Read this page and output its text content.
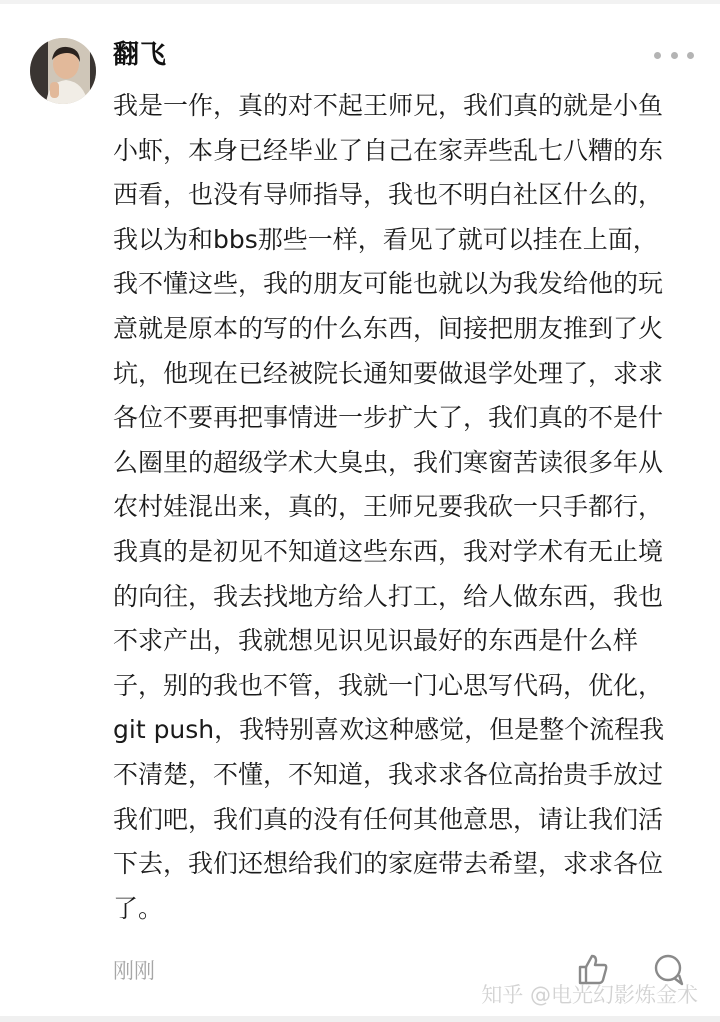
翻飞
我是一作，真的对不起王师兄，我们真的就是小鱼
小虾，本身已经毕业了自己在家弄些乱七八糟的东
西看，也没有导师指导，我也不明白社区什么的，
我以为和bbs那些一样，看见了就可以挂在上面，
我不懂这些，我的朋友可能也就以为我发给他的玩
意就是原本的写的什么东西，间接把朋友推到了火
坑，他现在已经被院长通知要做退学处理了，求求
各位不要再把事情进一步扩大了，我们真的不是什
么圈里的超级学术大臭虫，我们寒窗苦读很多年从
农村娃混出来，真的，王师兄要我砍一只手都行，
我真的是初见不知道这些东西，我对学术有无止境
的向往，我去找地方给人打工，给人做东西，我也
不求产出，我就想见识见识最好的东西是什么样
子，别的我也不管，我就一门心思写代码，优化，
git push，我特别喜欢这种感觉，但是整个流程我
不清楚，不懂，不知道，我求求各位高抬贵手放过
我们吧，我们真的没有任何其他意思，请让我们活
下去，我们还想给我们的家庭带去希望，求求各位
了。
刚刚
知乎 @电光幻影炼金术
